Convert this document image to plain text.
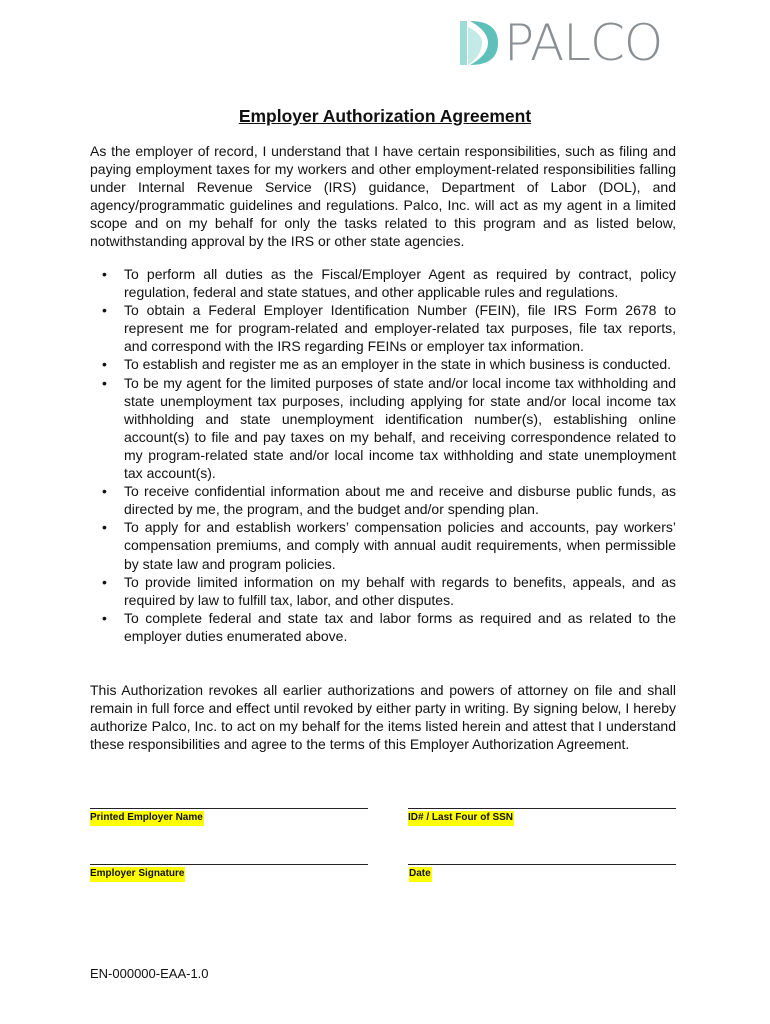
PALCO
Employer Authorization Agreement

As the employer of record, I understand that I have certain responsibilities, such as filing and paying employment taxes for my workers and other employment-related responsibilities falling under Internal Revenue Service (IRS) guidance, Department of Labor (DOL), and agency/programmatic guidelines and regulations. Palco, Inc. will act as my agent in a limited scope and on my behalf for only the tasks related to this program and as listed below, notwithstanding approval by the IRS or other state agencies.

• To perform all duties as the Fiscal/Employer Agent as required by contract, policy regulation, federal and state statues, and other applicable rules and regulations.
• To obtain a Federal Employer Identification Number (FEIN), file IRS Form 2678 to represent me for program-related and employer-related tax purposes, file tax reports, and correspond with the IRS regarding FEINs or employer tax information.
• To establish and register me as an employer in the state in which business is conducted.
• To be my agent for the limited purposes of state and/or local income tax withholding and state unemployment tax purposes, including applying for state and/or local income tax withholding and state unemployment identification number(s), establishing online account(s) to file and pay taxes on my behalf, and receiving correspondence related to my program-related state and/or local income tax withholding and state unemployment tax account(s).
• To receive confidential information about me and receive and disburse public funds, as directed by me, the program, and the budget and/or spending plan.
• To apply for and establish workers’ compensation policies and accounts, pay workers’ compensation premiums, and comply with annual audit requirements, when permissible by state law and program policies.
• To provide limited information on my behalf with regards to benefits, appeals, and as required by law to fulfill tax, labor, and other disputes.
• To complete federal and state tax and labor forms as required and as related to the employer duties enumerated above.

This Authorization revokes all earlier authorizations and powers of attorney on file and shall remain in full force and effect until revoked by either party in writing. By signing below, I hereby authorize Palco, Inc. to act on my behalf for the items listed herein and attest that I understand these responsibilities and agree to the terms of this Employer Authorization Agreement.

Printed Employer Name	ID# / Last Four of SSN
Employer Signature	Date
EN-000000-EAA-1.0
